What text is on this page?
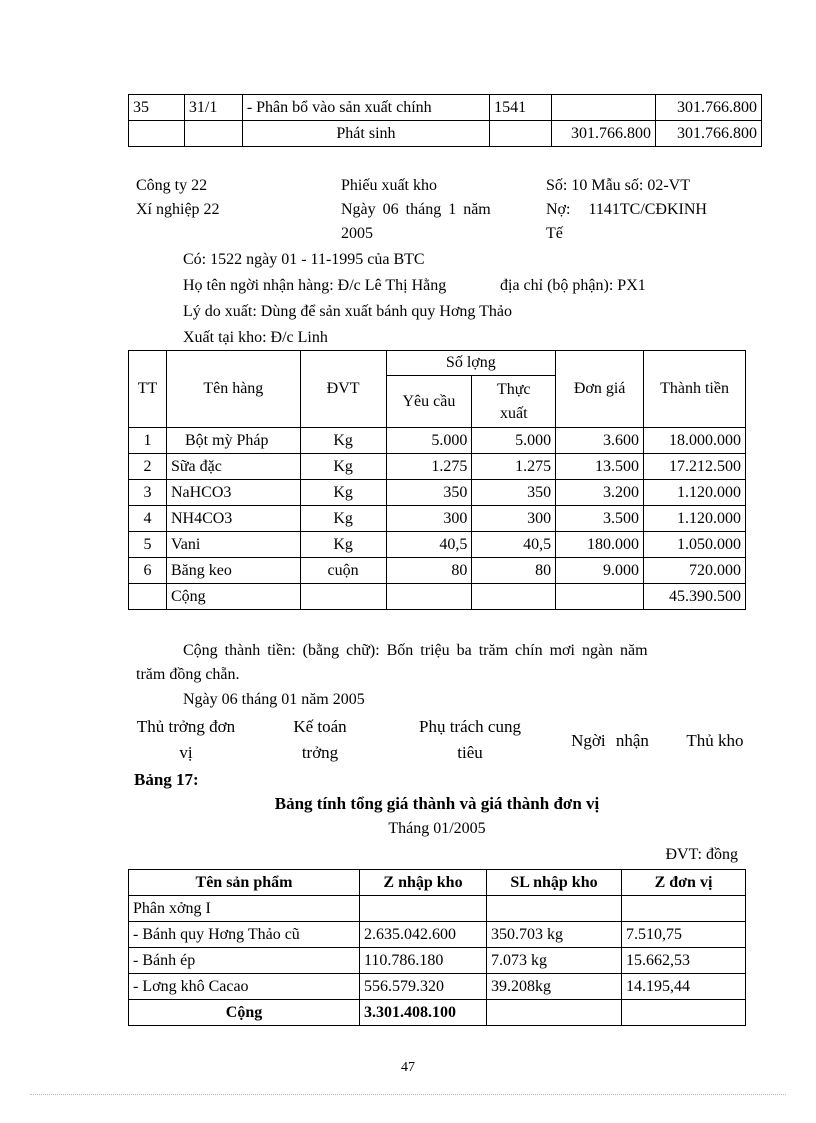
35	31/1	- Phân bổ vào sản xuất chính	1541		301.766.800
		Phát sinh		301.766.800	301.766.800
Công ty 22
Xí nghiệp 22
Phiếu xuất kho
Ngày 06 tháng 1 năm
2005
Số: 10 Mẫu số: 02-VT
Nợ: 1141TC/CĐKINH
Tế
Có: 1522 ngày 01 - 11-1995 của BTC
Họ tên ngời nhận hàng: Đ/c Lê Thị Hằng	địa chỉ (bộ phận): PX1
Lý do xuất: Dùng để sản xuất bánh quy Hơng Thảo
Xuất tại kho: Đ/c Linh
TT	Tên hàng	ĐVT	Số lợng		Đơn giá	Thành tiền
			Yêu cầu	Thực
xuất		
1	Bột mỳ Pháp	Kg	5.000	5.000	3.600	18.000.000
2	Sữa đặc	Kg	1.275	1.275	13.500	17.212.500
3	NaHCO3	Kg	350	350	3.200	1.120.000
4	NH4CO3	Kg	300	300	3.500	1.120.000
5	Vani	Kg	40,5	40,5	180.000	1.050.000
6	Băng keo	cuộn	80	80	9.000	720.000
	Cộng					45.390.500
Cộng thành tiền: (bằng chữ): Bốn triệu ba trăm chín mơi ngàn năm
trăm đồng chẵn.
Ngày 06 tháng 01 năm 2005
Thủ trởng đơn
vị
Kế toán
trởng
Phụ trách cung
tiêu
Ngời nhận	Thủ kho
Bảng 17:
Bảng tính tổng giá thành và giá thành đơn vị
Tháng 01/2005
ĐVT: đồng
Tên sản phẩm	Z nhập kho	SL nhập kho	Z đơn vị
Phân xởng I			
- Bánh quy Hơng Thảo cũ	2.635.042.600	350.703 kg	7.510,75
- Bánh ép	110.786.180	7.073 kg	15.662,53
- Lơng khô Cacao	556.579.320	39.208kg	14.195,44
Cộng	3.301.408.100		
47
